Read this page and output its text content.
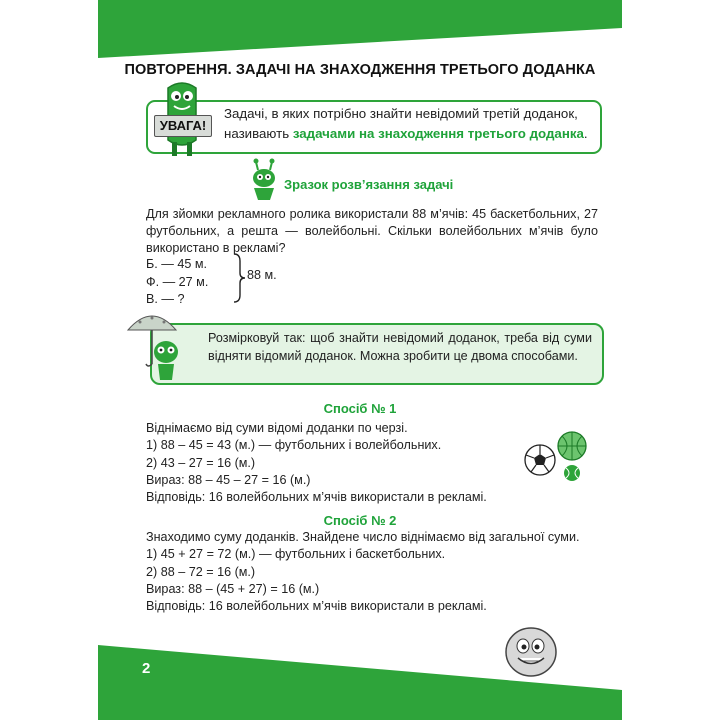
ПОВТОРЕННЯ. ЗАДАЧІ НА ЗНАХОДЖЕННЯ ТРЕТЬОГО ДОДАНКА
УВАГА!
Задачі, в яких потрібно знайти невідомий третій доданок, називають задачами на знаходження третього доданка.
Зразок розв’язання задачі
Для зйомки рекламного ролика використали 88 м’ячів: 45 баскетбольних, 27 футбольних, а решта — волейбольні. Скільки волейбольних м’ячів було використано в рекламі?
Б. — 45 м.
Ф. — 27 м.
В. — ?
88 м.
Розмірковуй так: щоб знайти невідомий доданок, треба від суми відняти відомий доданок. Можна зробити це двома способами.
Спосіб № 1
Віднімаємо від суми відомі доданки по черзі.
1) 88 – 45 = 43 (м.) — футбольних і волейбольних.
2) 43 – 27 = 16 (м.)
Вираз: 88 – 45 – 27 = 16 (м.)
Відповідь: 16 волейбольних м’ячів використали в рекламі.
Спосіб № 2
Знаходимо суму доданків. Знайдене число віднімаємо від загальної суми.
1) 45 + 27 = 72 (м.) — футбольних і баскетбольних.
2) 88 – 72 = 16 (м.)
Вираз: 88 – (45 + 27) = 16 (м.)
Відповідь: 16 волейбольних м’ячів використали в рекламі.
2
